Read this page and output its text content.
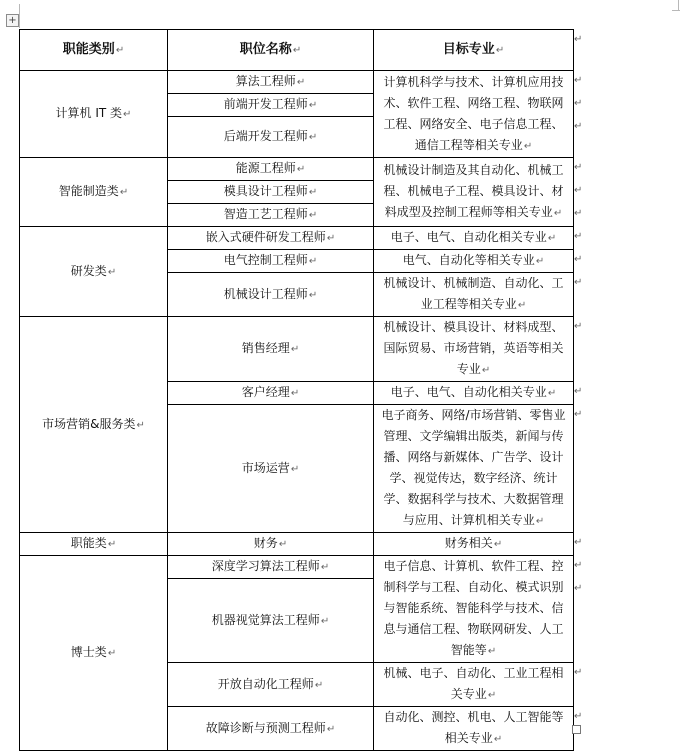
+
职能类别 ↵	职位名称 ↵	目标专业 ↵
计算机 IT 类 ↵	算法工程师 ↵	计算机科学与技术、计算机应用技术、软件工程、网络工程、物联网工程、网络安全、电子信息工程、通信工程等相关专业 ↵
	前端开发工程师 ↵
	后端开发工程师 ↵
智能制造类 ↵	能源工程师 ↵	机械设计制造及其自动化、机械工程、机械电子工程、模具设计、材料成型及控制工程师等相关专业 ↵
	模具设计工程师 ↵
	智造工艺工程师 ↵
研发类 ↵	嵌入式硬件研发工程师 ↵	电子、电气、自动化相关专业 ↵
	电气控制工程师 ↵	电气、自动化等相关专业 ↵
	机械设计工程师 ↵	机械设计、机械制造、自动化、工业工程等相关专业 ↵
市场营销&服务类 ↵	销售经理 ↵	机械设计、模具设计、材料成型、国际贸易、市场营销，英语等相关专业 ↵
	客户经理 ↵	电子、电气、自动化相关专业 ↵
	市场运营 ↵	电子商务、网络/市场营销、零售业管理、文学编辑出版类，新闻与传播、网络与新媒体、广告学、设计学、视觉传达，数字经济、统计学、数据科学与技术、大数据管理与应用、计算机相关专业 ↵
职能类 ↵	财务 ↵	财务相关 ↵
博士类 ↵	深度学习算法工程师 ↵	电子信息、计算机、软件工程、控制科学与工程、自动化、模式识别与智能系统、智能科学与技术、信息与通信工程、物联网研发、人工智能等 ↵
	机器视觉算法工程师 ↵
	开放自动化工程师 ↵	机械、电子、自动化、工业工程相关专业 ↵
	故障诊断与预测工程师 ↵	自动化、测控、机电、人工智能等相关专业 ↵
↵
↵
↵
↵
↵
↵
↵
↵
↵
↵
↵
↵
↵
↵
↵
↵
↵
↵
